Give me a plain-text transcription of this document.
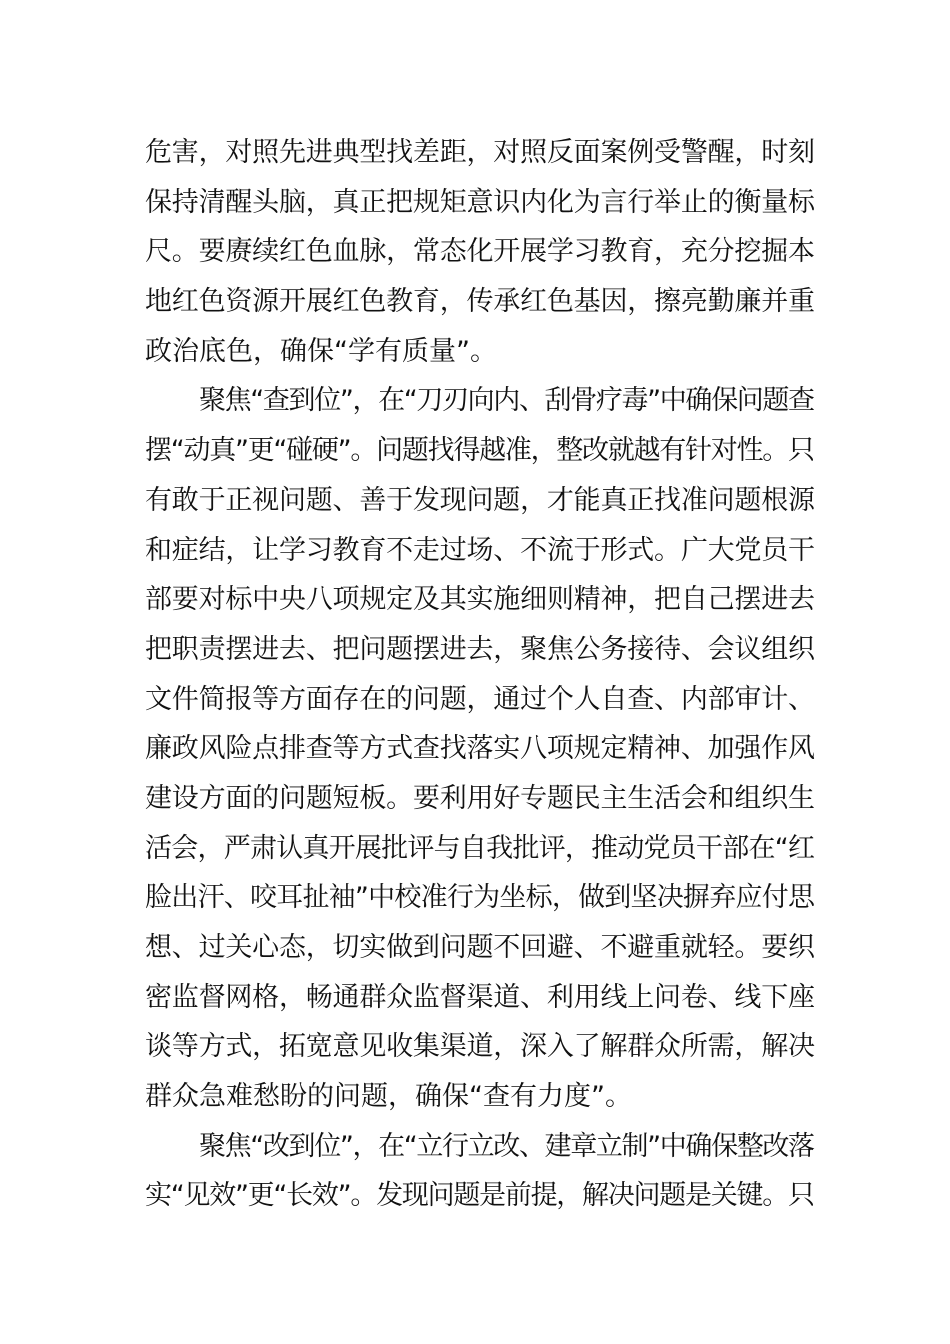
危害，对照先进典型找差距，对照反面案例受警醒，时刻
保持清醒头脑，真正把规矩意识内化为言行举止的衡量标
尺。要赓续红色血脉，常态化开展学习教育，充分挖掘本
地红色资源开展红色教育，传承红色基因，擦亮勤廉并重
政治底色，确保“学有质量”。
聚焦“查到位”，在“刀刃向内、刮骨疗毒”中确保问题查
摆“动真”更“碰硬”。问题找得越准，整改就越有针对性。只
有敢于正视问题、善于发现问题，才能真正找准问题根源
和症结，让学习教育不走过场、不流于形式。广大党员干
部要对标中央八项规定及其实施细则精神，把自己摆进去
把职责摆进去、把问题摆进去，聚焦公务接待、会议组织
文件简报等方面存在的问题，通过个人自查、内部审计、
廉政风险点排查等方式查找落实八项规定精神、加强作风
建设方面的问题短板。要利用好专题民主生活会和组织生
活会，严肃认真开展批评与自我批评，推动党员干部在“红
脸出汗、咬耳扯袖”中校准行为坐标，做到坚决摒弃应付思
想、过关心态，切实做到问题不回避、不避重就轻。要织
密监督网格，畅通群众监督渠道、利用线上问卷、线下座
谈等方式，拓宽意见收集渠道，深入了解群众所需，解决
群众急难愁盼的问题，确保“查有力度”。
聚焦“改到位”，在“立行立改、建章立制”中确保整改落
实“见效”更“长效”。发现问题是前提，解决问题是关键。只
